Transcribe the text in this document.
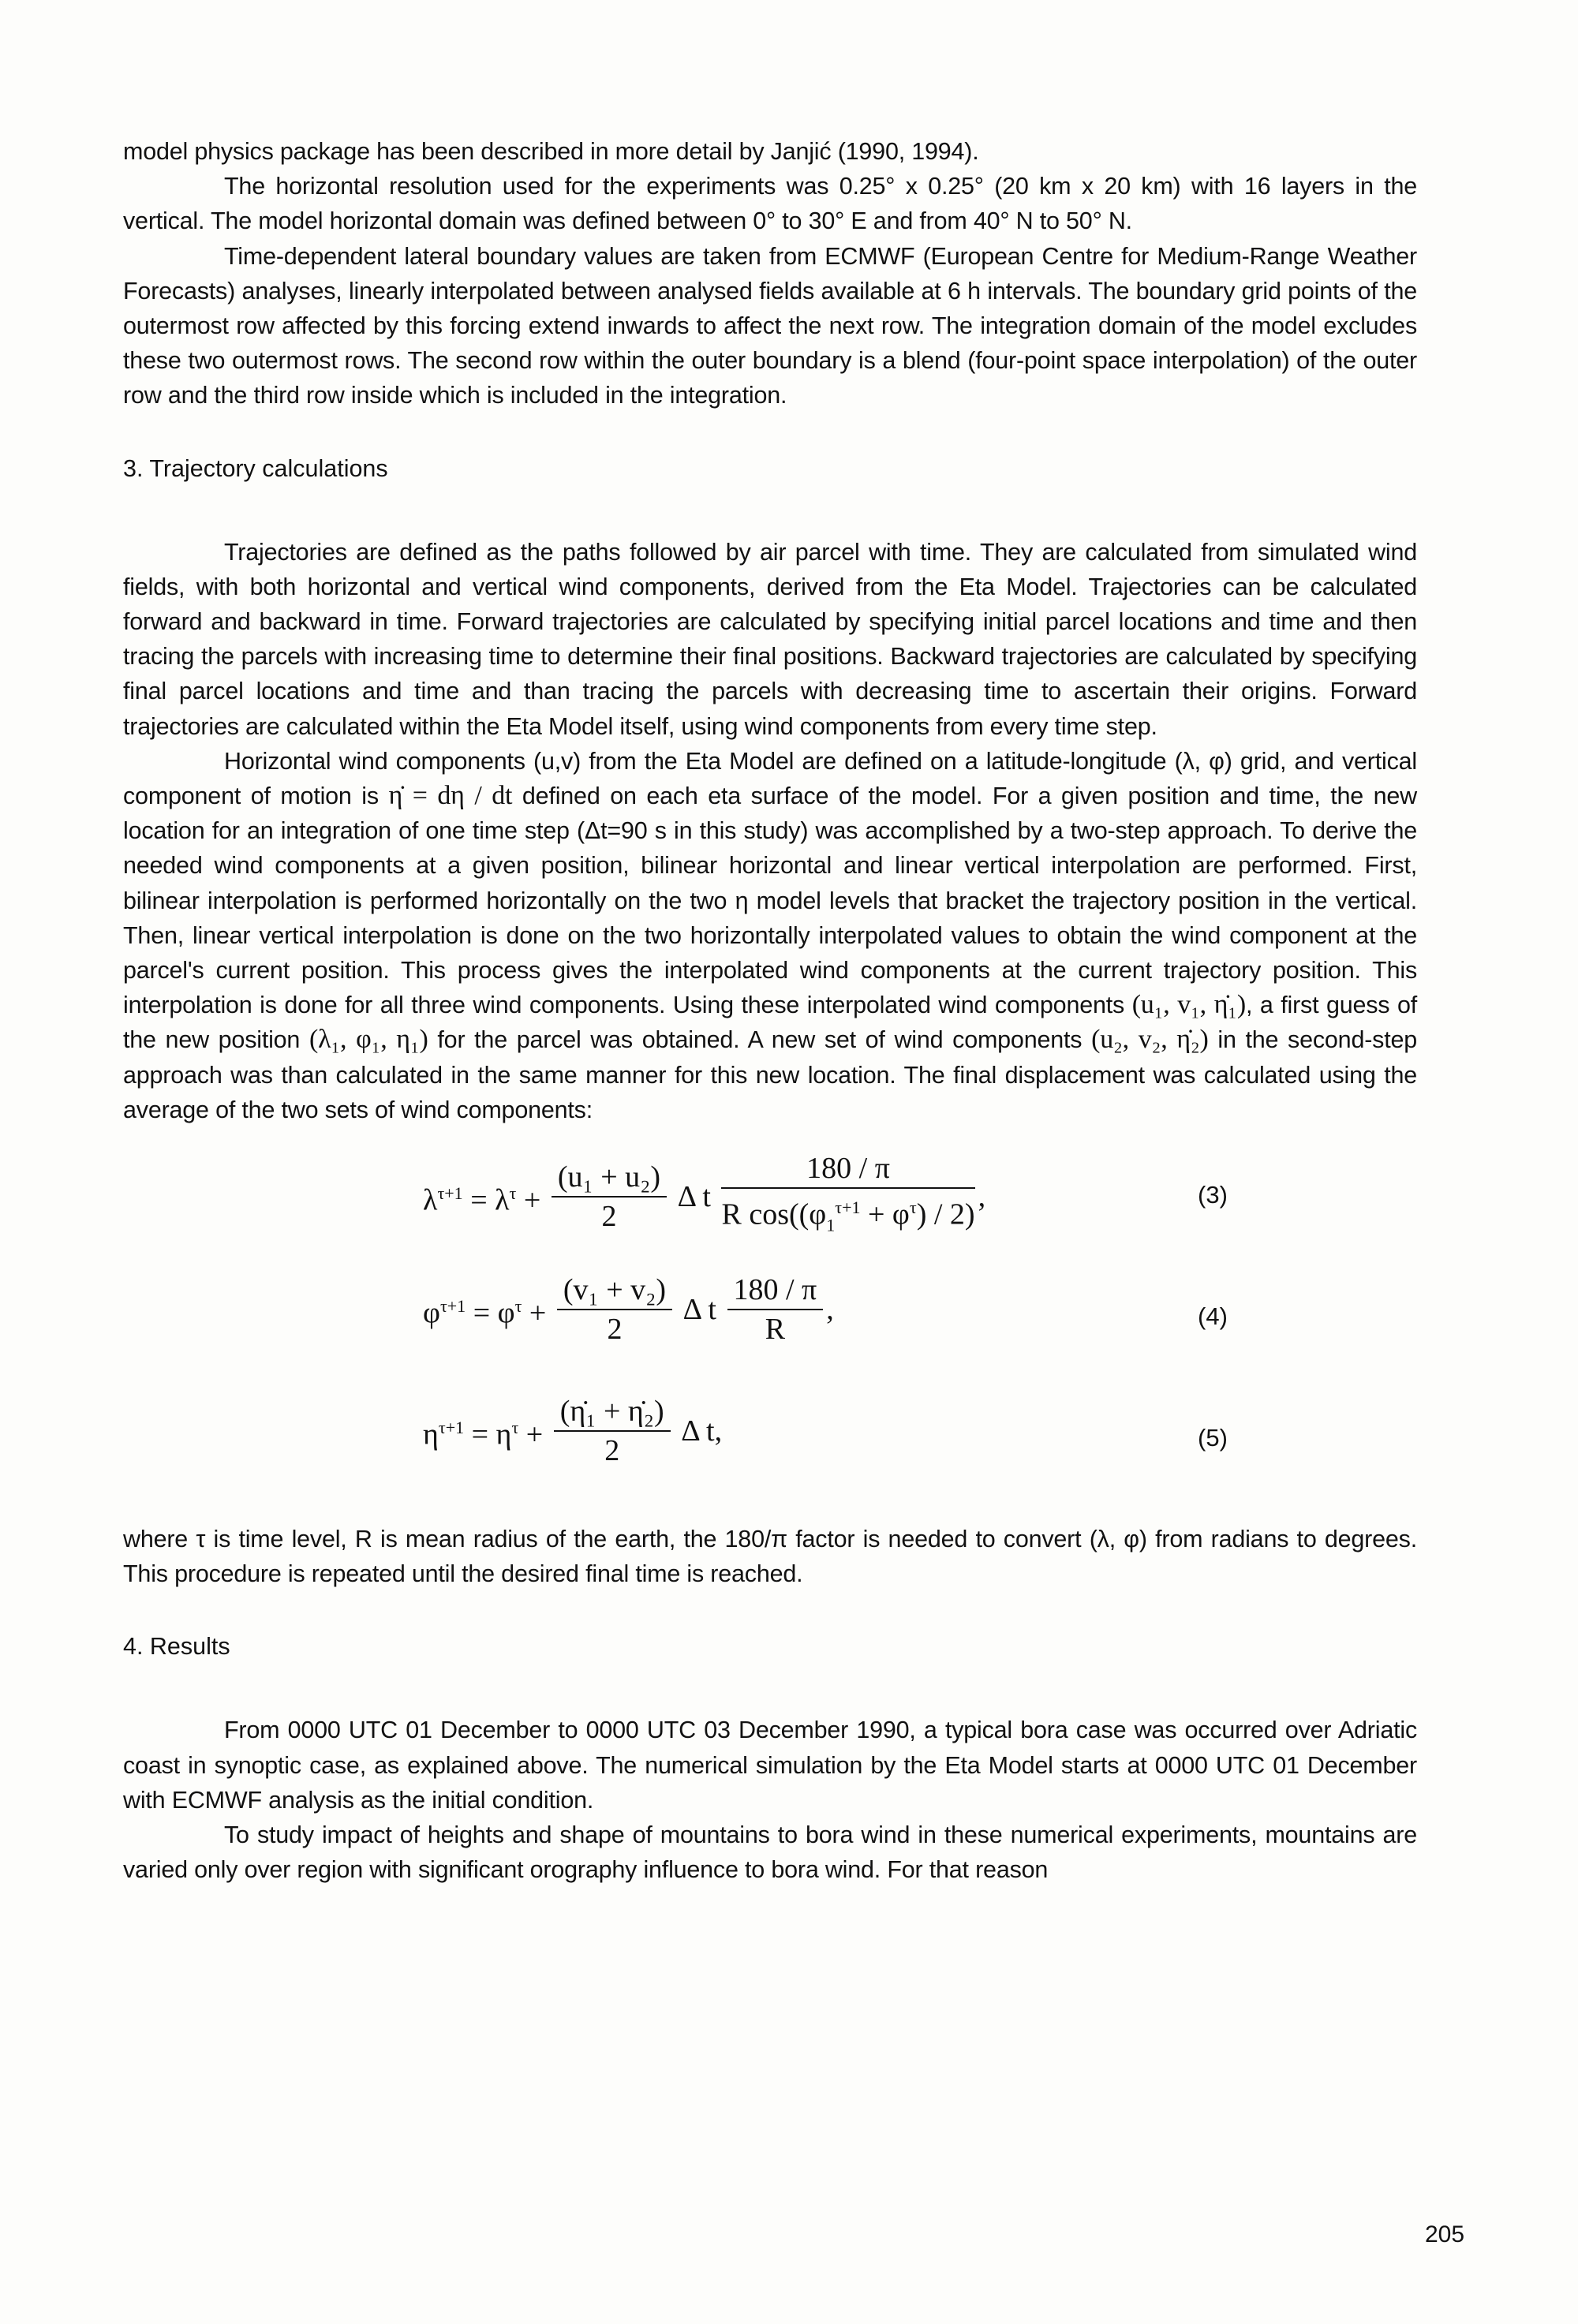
model physics package has been described in more detail by Janjić (1990, 1994).

The horizontal resolution used for the experiments was 0.25° x 0.25° (20 km x 20 km) with 16 layers in the vertical. The model horizontal domain was defined between 0° to 30° E and from 40° N to 50° N.

Time-dependent lateral boundary values are taken from ECMWF (European Centre for Medium-Range Weather Forecasts) analyses, linearly interpolated between analysed fields available at 6 h intervals. The boundary grid points of the outermost row affected by this forcing extend inwards to affect the next row. The integration domain of the model excludes these two outermost rows. The second row within the outer boundary is a blend (four-point space interpolation) of the outer row and the third row inside which is included in the integration.

3. Trajectory calculations

Trajectories are defined as the paths followed by air parcel with time. They are calculated from simulated wind fields, with both horizontal and vertical wind components, derived from the Eta Model. Trajectories can be calculated forward and backward in time. Forward trajectories are calculated by specifying initial parcel locations and time and then tracing the parcels with increasing time to determine their final positions. Backward trajectories are calculated by specifying final parcel locations and time and than tracing the parcels with decreasing time to ascertain their origins. Forward trajectories are calculated within the Eta Model itself, using wind components from every time step.

Horizontal wind components (u,v) from the Eta Model are defined on a latitude-longitude (λ, φ) grid, and vertical component of motion is η̇ = dη / dt defined on each eta surface of the model. For a given position and time, the new location for an integration of one time step (Δt=90 s in this study) was accomplished by a two-step approach. To derive the needed wind components at a given position, bilinear horizontal and linear vertical interpolation are performed. First, bilinear interpolation is performed horizontally on the two η model levels that bracket the trajectory position in the vertical. Then, linear vertical interpolation is done on the two horizontally interpolated values to obtain the wind component at the parcel's current position. This process gives the interpolated wind components at the current trajectory position. This interpolation is done for all three wind components. Using these interpolated wind components (u₁, v₁, η̇₁), a first guess of the new position (λ₁, φ₁, η₁) for the parcel was obtained. A new set of wind components (u₂, v₂, η̇₂) in the second-step approach was than calculated in the same manner for this new location. The final displacement was calculated using the average of the two sets of wind components:

$\lambda^{\tau+1} = \lambda^\tau + \frac{\text{(u₁ + u₂)}}{2}$ Δ t $\frac{180 / \pi}{R \cos((\varphi_1^{\tau+1} + \varphi^\tau) / 2)}$ ,	(3)
$\varphi^{\tau+1} = \varphi^\tau + \frac{\text{(v₁ + v₂)}}{2}$ Δ t $\frac{180 / \pi}{R}$ ,	(4)
$\eta^{\tau+1} = \eta^\tau + \frac{\text{(η̇₁ + η̇₂)}}{2}$ Δ t,	(5)

where τ is time level, R is mean radius of the earth, the 180/π factor is needed to convert (λ, φ) from radians to degrees. This procedure is repeated until the desired final time is reached.

4. Results

From 0000 UTC 01 December to 0000 UTC 03 December 1990, a typical bora case was occurred over Adriatic coast in synoptic case, as explained above. The numerical simulation by the Eta Model starts at 0000 UTC 01 December with ECMWF analysis as the initial condition.

To study impact of heights and shape of mountains to bora wind in these numerical experiments, mountains are varied only over region with significant orography influence to bora wind. For that reason

205
